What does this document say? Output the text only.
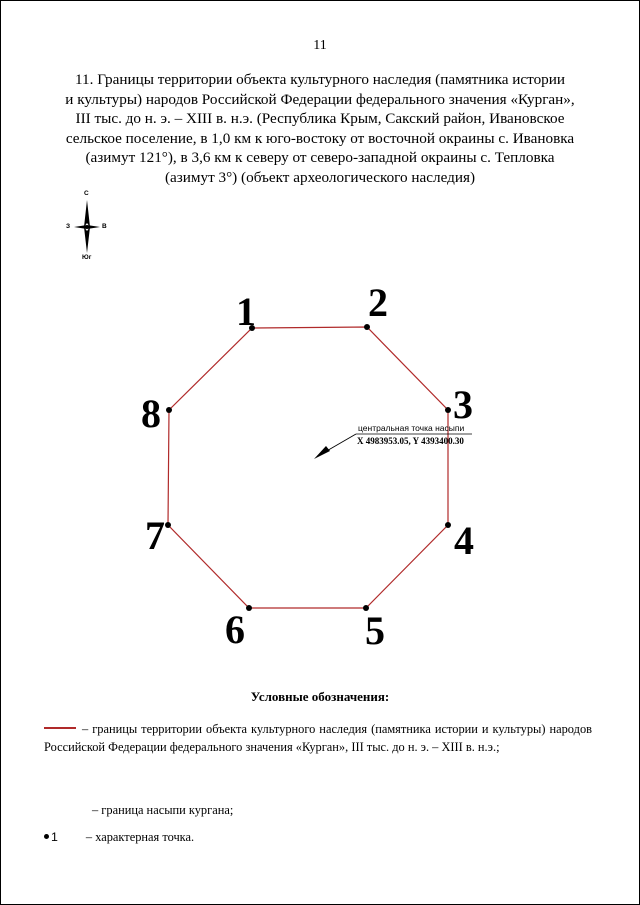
11
11. Границы территории объекта культурного наследия (памятника истории
и культуры) народов Российской Федерации федерального значения «Курган»,
III тыс. до н. э. – XIII в. н.э. (Республика Крым, Сакский район, Ивановское
сельское поселение, в 1,0 км к юго-востоку от восточной окраины с. Ивановка
(азимут 121°), в 3,6 км к северу от северо-западной окраины с. Тепловка
(азимут 3°) (объект археологического наследия)
С
Юг
З	В
1	2
3
4
5
6
7
8	центральная точка насыпи
X 4983953.05, Y 4393400.30
Условные обозначения:
– границы территории объекта культурного наследия (памятника истории и культуры) народов Российской Федерации федерального значения «Курган», III тыс. до н. э. – XIII в. н.э.;
– граница насыпи кургана;
1 – характерная точка.
